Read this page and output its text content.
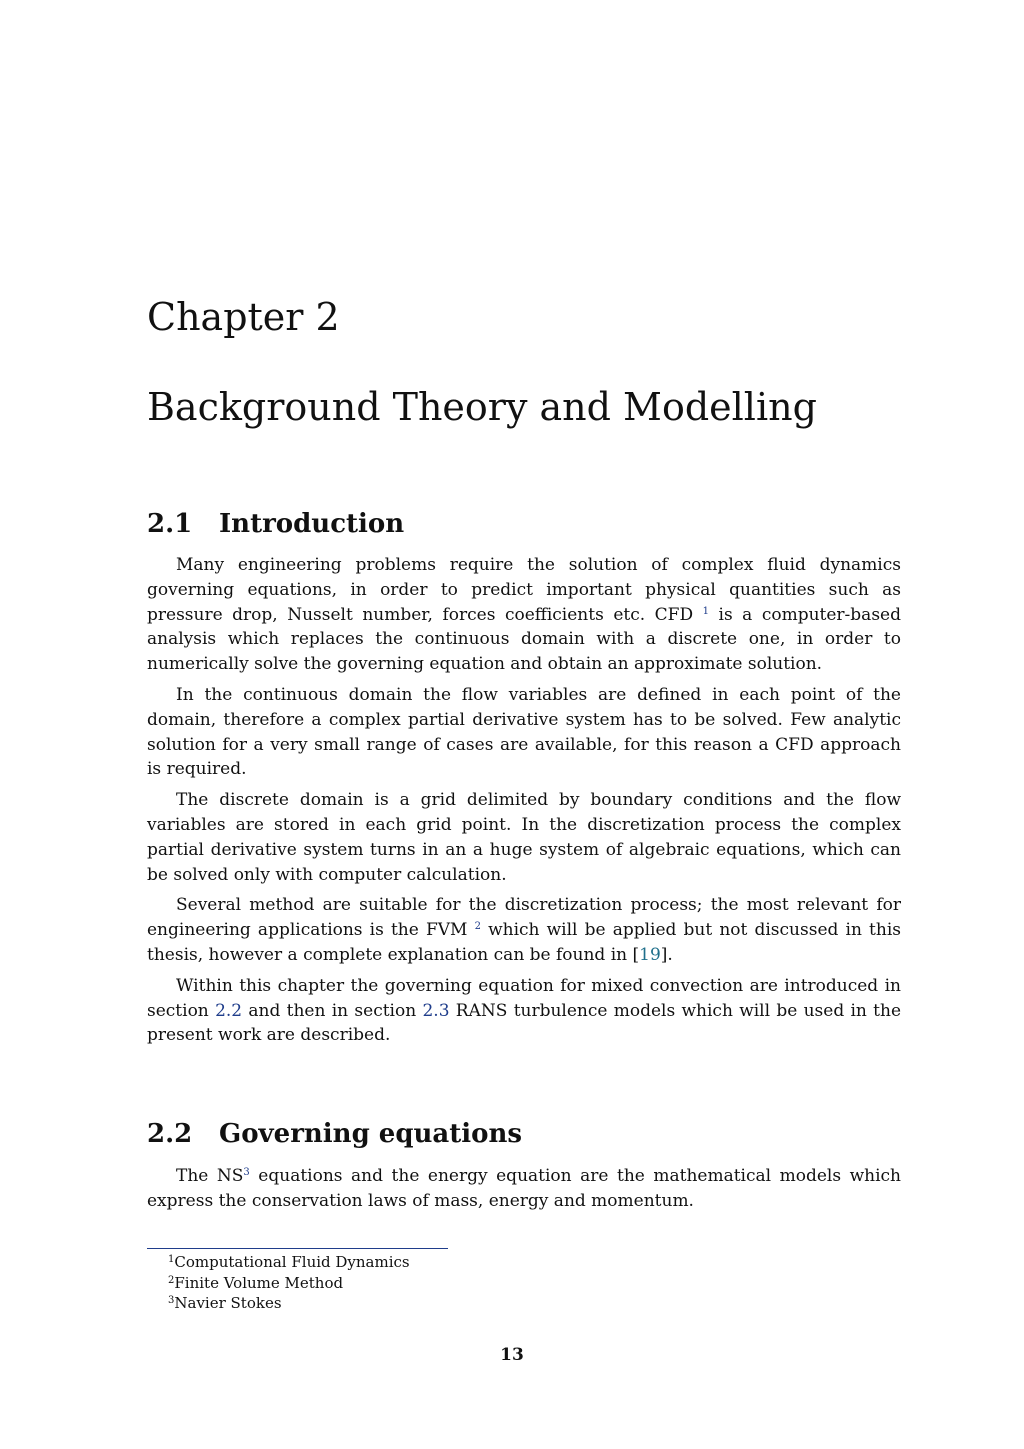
Chapter 2
Background Theory and Modelling
2.1 Introduction

Many engineering problems require the solution of complex fluid dynamics governing equations, in order to predict important physical quantities such as pressure drop, Nusselt number, forces coefficients etc. CFD $^1$ is a computer-based analysis which replaces the continuous domain with a discrete one, in order to numerically solve the governing equation and obtain an approximate solution.

In the continuous domain the flow variables are defined in each point of the domain, therefore a complex partial derivative system has to be solved. Few analytic solution for a very small range of cases are available, for this reason a CFD approach is required.

The discrete domain is a grid delimited by boundary conditions and the flow variables are stored in each grid point. In the discretization process the complex partial derivative system turns in an a huge system of algebraic equations, which can be solved only with computer calculation.

Several method are suitable for the discretization process; the most relevant for engineering applications is the FVM $^2$ which will be applied but not discussed in this thesis, however a complete explanation can be found in [19].

Within this chapter the governing equation for mixed convection are introduced in section 2.2 and then in section 2.3 RANS turbulence models which will be used in the present work are described.

2.2 Governing equations

The NS$^3$ equations and the energy equation are the mathematical models which express the conservation laws of mass, energy and momentum.

$^1$Computational Fluid Dynamics
$^2$Finite Volume Method
$^3$Navier Stokes
13
